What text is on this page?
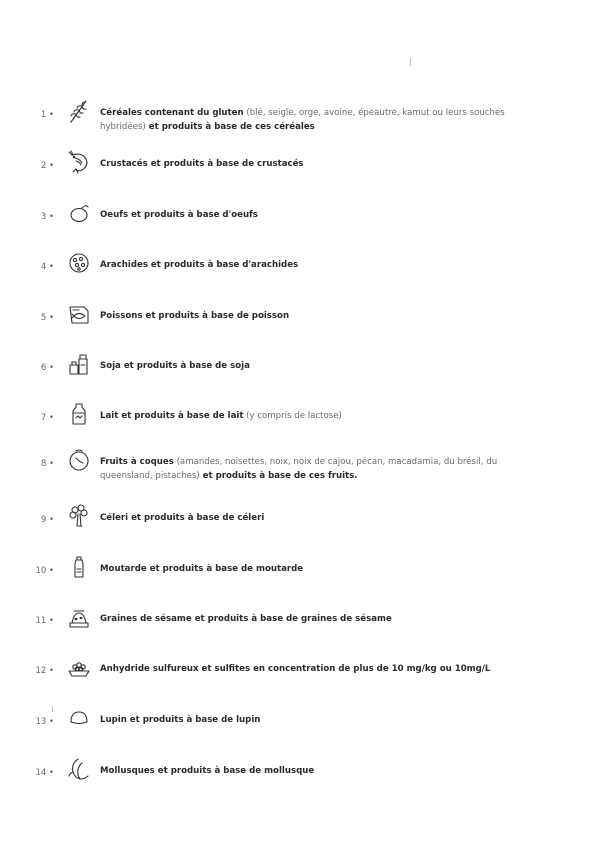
1 •	Céréales contenant du gluten (blé, seigle, orge, avoine, épeautre, kamut ou leurs souches hybridées) et produits à base de ces céréales
2 •	Crustacés et produits à base de crustacés
3 •	Oeufs et produits à base d'oeufs
4 •	Arachides et produits à base d'arachides
5 •	Poissons et produits à base de poisson
6 •	Soja et produits à base de soja
7 •	Lait et produits à base de lait (y compris de lactose)
8 •	Fruits à coques (amandes, noisettes, noix, noix de cajou, pécan, macadamia, du brésil, du queensland, pistaches) et produits à base de ces fruits.
9 •	Céleri et produits à base de céleri
10 •	Moutarde et produits à base de moutarde
11 •	Graines de sésame et produits à base de graines de sésame
12 •	Anhydride sulfureux et sulfites en concentration de plus de 10 mg/kg ou 10mg/L
13 •	Lupin et produits à base de lupin
14 •	Mollusques et produits à base de mollusque
